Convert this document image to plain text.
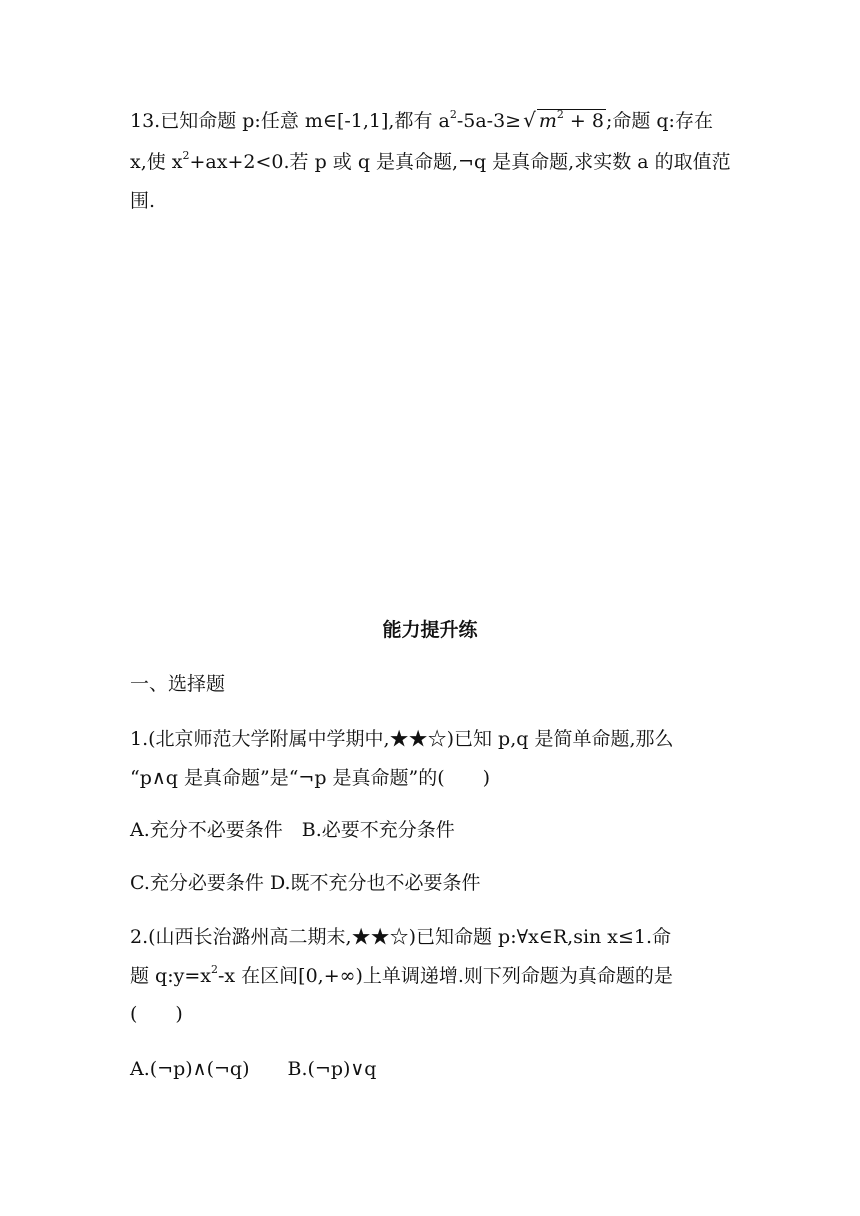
13.已知命题 p:任意 m∈[-1,1],都有 $a^2-5a-3\ge$ √ $m^2 + 8$ ;命题 q:存在
x,使 $x^2+ax+2<0$.若 p 或 q 是真命题,¬q 是真命题,求实数 a 的取值范
围.
能力提升练
一、选择题
1.(北京师范大学附属中学期中,★★☆)已知 p,q 是简单命题,那么
“p∧q 是真命题”是“¬p 是真命题”的(　　)
A.充分不必要条件　B.必要不充分条件
C.充分必要条件 D.既不充分也不必要条件
2.(山西长治潞州高二期末,★★☆)已知命题 p:∀x∈R,sin x≤1.命
题 $q:y=x^2-x$ 在区间[0,+∞)上单调递增.则下列命题为真命题的是
(　　)
A.(¬p)∧(¬q)　　B.(¬p)∨q
